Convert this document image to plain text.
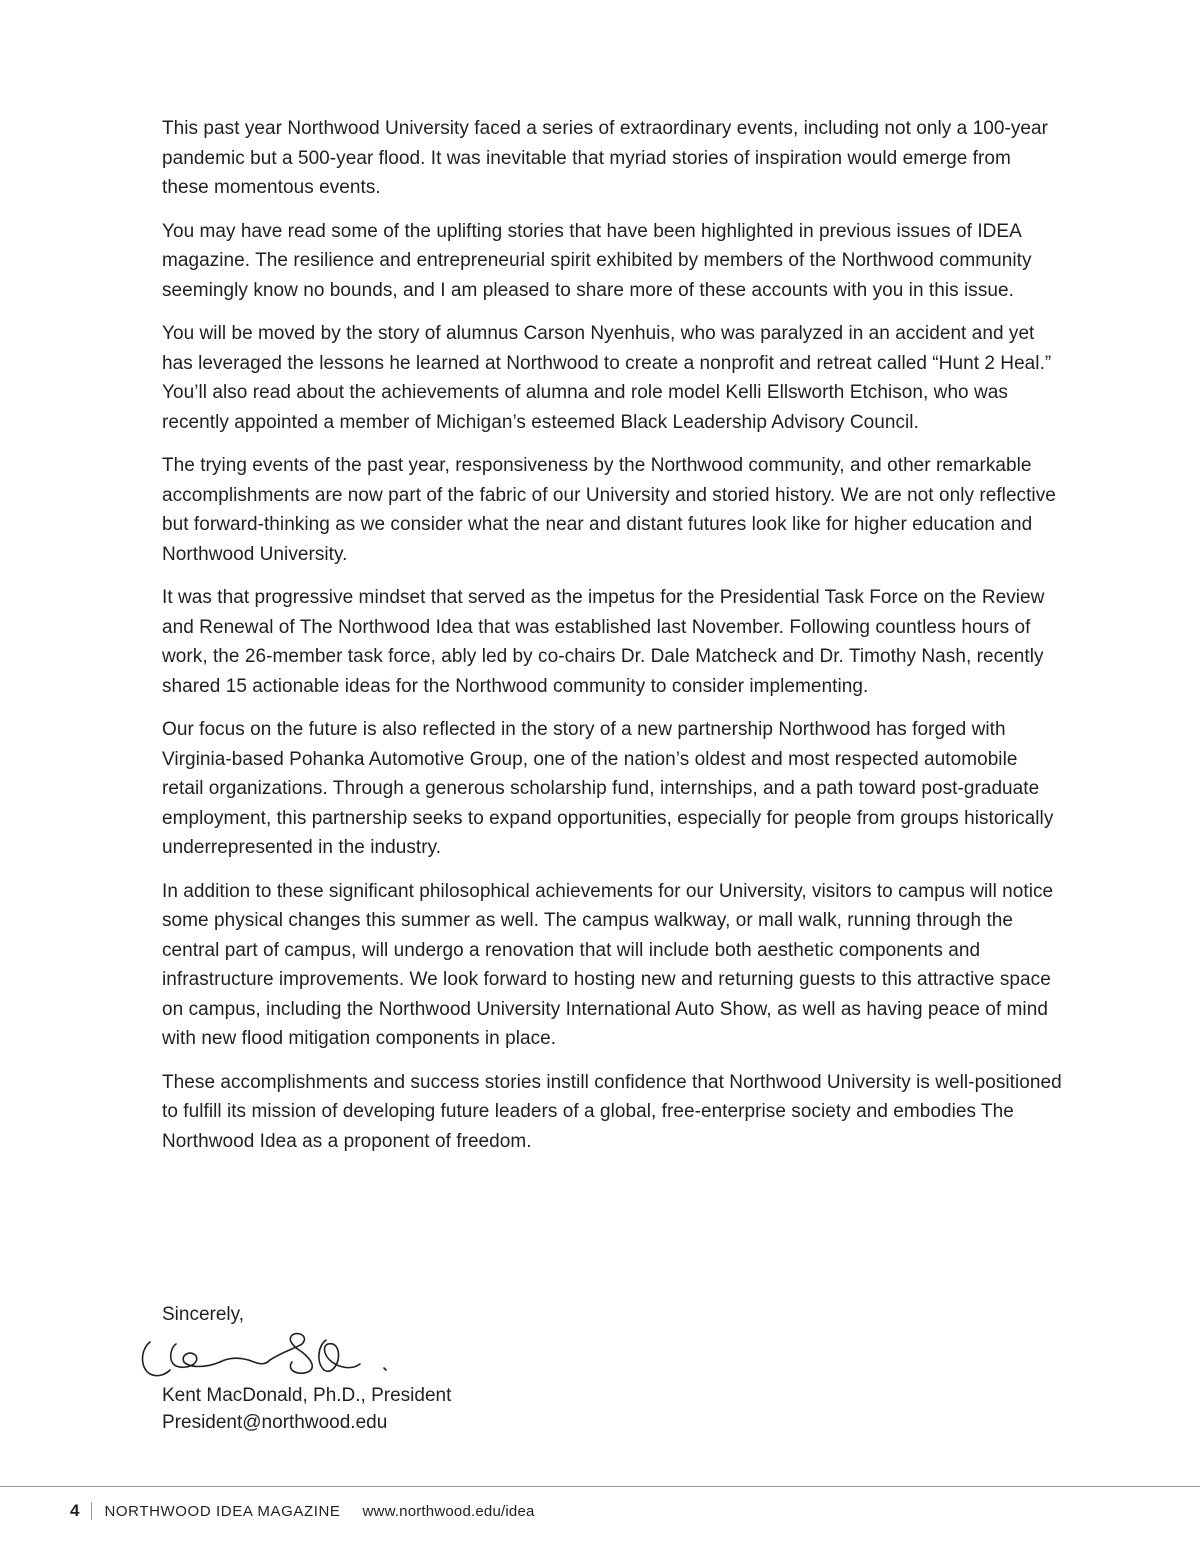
This past year Northwood University faced a series of extraordinary events, including not only a 100-year pandemic but a 500-year flood. It was inevitable that myriad stories of inspiration would emerge from these momentous events.

You may have read some of the uplifting stories that have been highlighted in previous issues of IDEA magazine. The resilience and entrepreneurial spirit exhibited by members of the Northwood community seemingly know no bounds, and I am pleased to share more of these accounts with you in this issue.

You will be moved by the story of alumnus Carson Nyenhuis, who was paralyzed in an accident and yet has leveraged the lessons he learned at Northwood to create a nonprofit and retreat called “Hunt 2 Heal.” You’ll also read about the achievements of alumna and role model Kelli Ellsworth Etchison, who was recently appointed a member of Michigan’s esteemed Black Leadership Advisory Council.

The trying events of the past year, responsiveness by the Northwood community, and other remarkable accomplishments are now part of the fabric of our University and storied history. We are not only reflective but forward-thinking as we consider what the near and distant futures look like for higher education and Northwood University.

It was that progressive mindset that served as the impetus for the Presidential Task Force on the Review and Renewal of The Northwood Idea that was established last November. Following countless hours of work, the 26-member task force, ably led by co-chairs Dr. Dale Matcheck and Dr. Timothy Nash, recently shared 15 actionable ideas for the Northwood community to consider implementing.

Our focus on the future is also reflected in the story of a new partnership Northwood has forged with Virginia-based Pohanka Automotive Group, one of the nation’s oldest and most respected automobile retail organizations. Through a generous scholarship fund, internships, and a path toward post-graduate employment, this partnership seeks to expand opportunities, especially for people from groups historically underrepresented in the industry.

In addition to these significant philosophical achievements for our University, visitors to campus will notice some physical changes this summer as well. The campus walkway, or mall walk, running through the central part of campus, will undergo a renovation that will include both aesthetic components and infrastructure improvements. We look forward to hosting new and returning guests to this attractive space on campus, including the Northwood University International Auto Show, as well as having peace of mind with new flood mitigation components in place.

These accomplishments and success stories instill confidence that Northwood University is well-positioned to fulfill its mission of developing future leaders of a global, free-enterprise society and embodies The Northwood Idea as a proponent of freedom.

Sincerely,
Kent MacDonald, Ph.D., President
President@northwood.edu
4 NORTHWOOD IDEA MAGAZINE www.northwood.edu/idea
